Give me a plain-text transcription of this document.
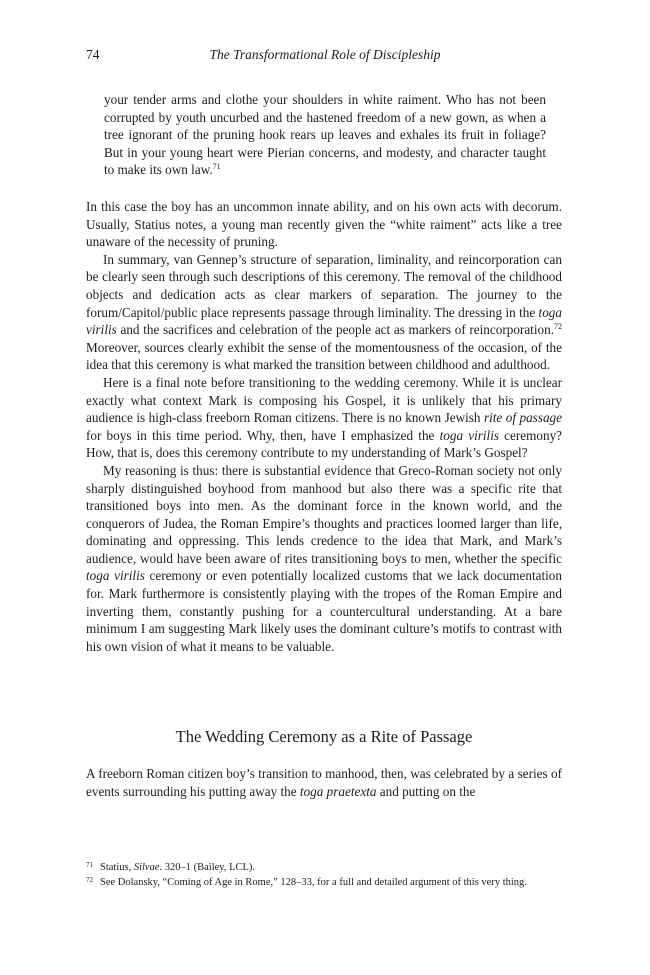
74	The Transformational Role of Discipleship

your tender arms and clothe your shoulders in white raiment. Who has not been corrupted by youth uncurbed and the hastened freedom of a new gown, as when a tree ignorant of the pruning hook rears up leaves and exhales its fruit in foliage? But in your young heart were Pierian concerns, and modesty, and character taught to make its own law.$^{71}$

In this case the boy has an uncommon innate ability, and on his own acts with decorum. Usually, Statius notes, a young man recently given the “white raiment” acts like a tree unaware of the necessity of pruning.

In summary, van Gennep’s structure of separation, liminality, and reincorporation can be clearly seen through such descriptions of this ceremony. The removal of the childhood objects and dedication acts as clear markers of separation. The journey to the forum/Capitol/public place represents passage through liminality. The dressing in the toga virilis and the sacrifices and celebration of the people act as markers of reincorporation.$^{72}$ Moreover, sources clearly exhibit the sense of the momentousness of the occasion, of the idea that this ceremony is what marked the transition between childhood and adulthood.

Here is a final note before transitioning to the wedding ceremony. While it is unclear exactly what context Mark is composing his Gospel, it is unlikely that his primary audience is high-class freeborn Roman citizens. There is no known Jewish rite of passage for boys in this time period. Why, then, have I emphasized the toga virilis ceremony? How, that is, does this ceremony contribute to my understanding of Mark’s Gospel?

My reasoning is thus: there is substantial evidence that Greco-Roman society not only sharply distinguished boyhood from manhood but also there was a specific rite that transitioned boys into men. As the dominant force in the known world, and the conquerors of Judea, the Roman Empire’s thoughts and practices loomed larger than life, dominating and oppressing. This lends credence to the idea that Mark, and Mark’s audience, would have been aware of rites transitioning boys to men, whether the specific toga virilis ceremony or even potentially localized customs that we lack documentation for. Mark furthermore is consistently playing with the tropes of the Roman Empire and inverting them, constantly pushing for a countercultural understanding. At a bare minimum I am suggesting Mark likely uses the dominant culture’s motifs to contrast with his own vision of what it means to be valuable.

The Wedding Ceremony as a Rite of Passage

A freeborn Roman citizen boy’s transition to manhood, then, was celebrated by a series of events surrounding his putting away the toga praetexta and putting on the

71 Statius, Silvae. 320–1 (Bailey, LCL).
72 See Dolansky, “Coming of Age in Rome,” 128–33, for a full and detailed argument of this very thing.
